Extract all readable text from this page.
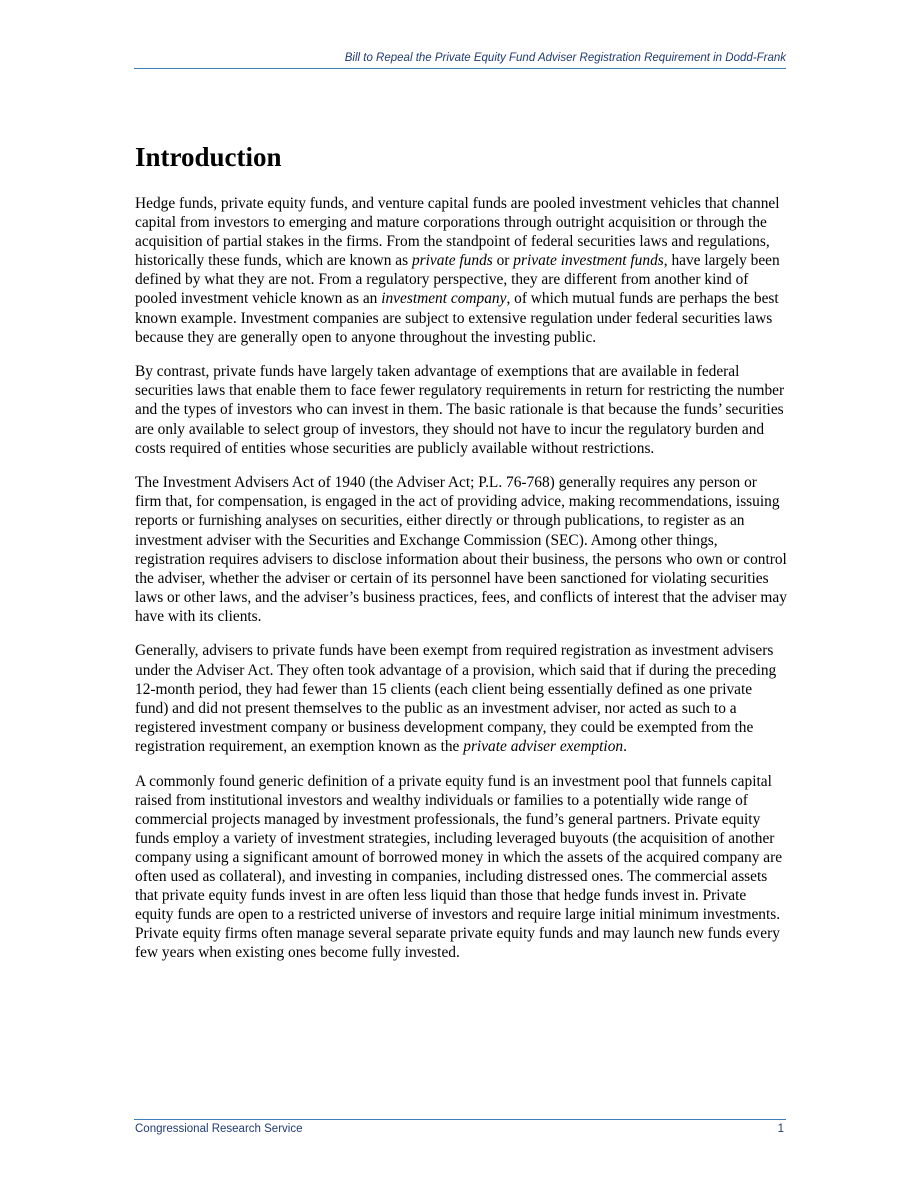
Bill to Repeal the Private Equity Fund Adviser Registration Requirement in Dodd-Frank
Introduction

Hedge funds, private equity funds, and venture capital funds are pooled investment vehicles that channel capital from investors to emerging and mature corporations through outright acquisition or through the acquisition of partial stakes in the firms. From the standpoint of federal securities laws and regulations, historically these funds, which are known as private funds or private investment funds, have largely been defined by what they are not. From a regulatory perspective, they are different from another kind of pooled investment vehicle known as an investment company, of which mutual funds are perhaps the best known example. Investment companies are subject to extensive regulation under federal securities laws because they are generally open to anyone throughout the investing public.

By contrast, private funds have largely taken advantage of exemptions that are available in federal securities laws that enable them to face fewer regulatory requirements in return for restricting the number and the types of investors who can invest in them. The basic rationale is that because the funds’ securities are only available to select group of investors, they should not have to incur the regulatory burden and costs required of entities whose securities are publicly available without restrictions.

The Investment Advisers Act of 1940 (the Adviser Act; P.L. 76-768) generally requires any person or firm that, for compensation, is engaged in the act of providing advice, making recommendations, issuing reports or furnishing analyses on securities, either directly or through publications, to register as an investment adviser with the Securities and Exchange Commission (SEC). Among other things, registration requires advisers to disclose information about their business, the persons who own or control the adviser, whether the adviser or certain of its personnel have been sanctioned for violating securities laws or other laws, and the adviser’s business practices, fees, and conflicts of interest that the adviser may have with its clients.

Generally, advisers to private funds have been exempt from required registration as investment advisers under the Adviser Act. They often took advantage of a provision, which said that if during the preceding 12-month period, they had fewer than 15 clients (each client being essentially defined as one private fund) and did not present themselves to the public as an investment adviser, nor acted as such to a registered investment company or business development company, they could be exempted from the registration requirement, an exemption known as the private adviser exemption.

A commonly found generic definition of a private equity fund is an investment pool that funnels capital raised from institutional investors and wealthy individuals or families to a potentially wide range of commercial projects managed by investment professionals, the fund’s general partners. Private equity funds employ a variety of investment strategies, including leveraged buyouts (the acquisition of another company using a significant amount of borrowed money in which the assets of the acquired company are often used as collateral), and investing in companies, including distressed ones. The commercial assets that private equity funds invest in are often less liquid than those that hedge funds invest in. Private equity funds are open to a restricted universe of investors and require large initial minimum investments. Private equity firms often manage several separate private equity funds and may launch new funds every few years when existing ones become fully invested.

Congressional Research Service	1
